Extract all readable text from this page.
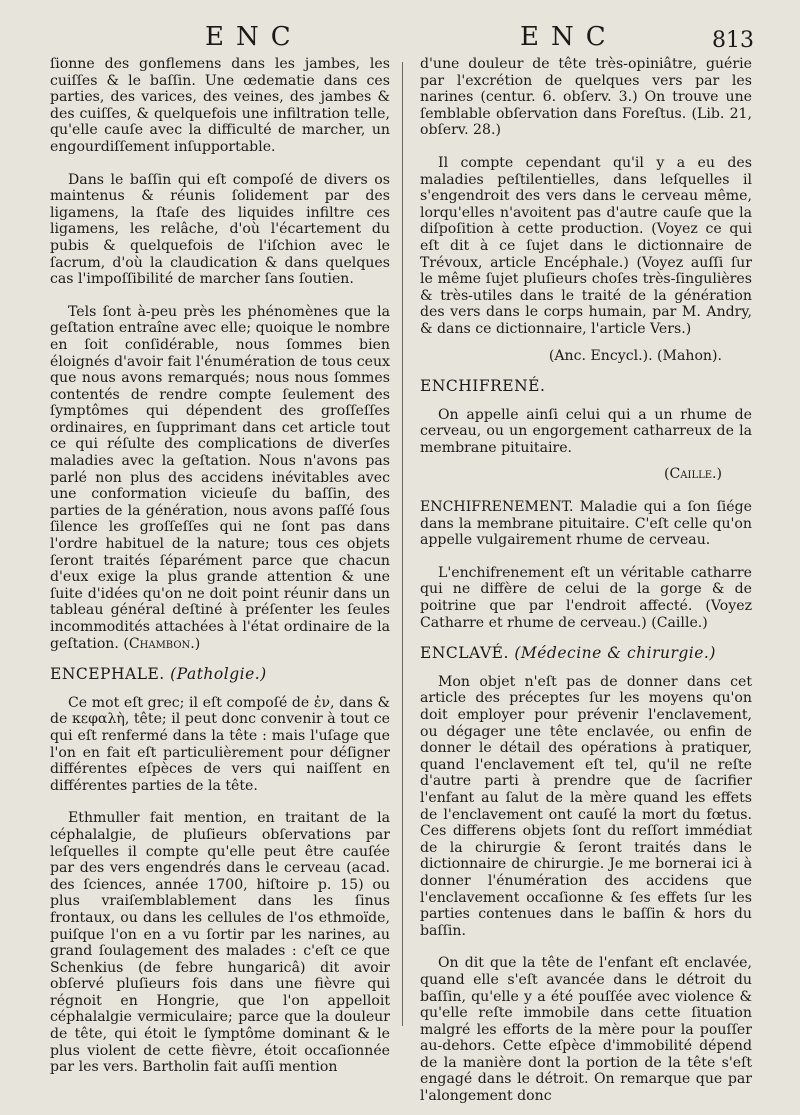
ENC	ENC	813

ſionne des gonflemens dans les jambes, les cuiſſes & le baſſin. Une œdematie dans ces parties, des varices, des veines, des jambes & des cuiſſes, & quelquefois une infiltration telle, qu'elle cauſe avec la difficulté de marcher, un engourdiſſement inſupportable.

Dans le baſſin qui eſt compoſé de divers os maintenus & réunis ſolidement par des ligamens, la ſtaſe des liquides infiltre ces ligamens, les relâche, d'où l'écartement du pubis & quelquefois de l'iſchion avec le ſacrum, d'où la claudication & dans quelques cas l'impoſſibilité de marcher ſans ſoutien.

Tels ſont à-peu près les phénomènes que la geſtation entraîne avec elle; quoique le nombre en ſoit conſidérable, nous ſommes bien éloignés d'avoir fait l'énumération de tous ceux que nous avons remarqués; nous nous ſommes contentés de rendre compte ſeulement des ſymptômes qui dépendent des groſſeſſes ordinaires, en ſupprimant dans cet article tout ce qui réſulte des complications de diverſes maladies avec la geſtation. Nous n'avons pas parlé non plus des accidens inévitables avec une conformation vicieuſe du baſſin, des parties de la génération, nous avons paſſé ſous ſilence les groſſeſſes qui ne ſont pas dans l'ordre habituel de la nature; tous ces objets ſeront traités ſéparément parce que chacun d'eux exige la plus grande attention & une ſuite d'idées qu'on ne doit point réunir dans un tableau général deſtiné à préſenter les ſeules incommodités attachées à l'état ordinaire de la geſtation. (Chambon.)

ENCEPHALE. (Patholgie.)

Ce mot eſt grec; il eſt compoſé de ἐν, dans & de κεφαλὴ, tête; il peut donc convenir à tout ce qui eſt renfermé dans la tête : mais l'uſage que l'on en fait eſt particulièrement pour déſigner différentes eſpèces de vers qui naiſſent en différentes parties de la tête.

Ethmuller fait mention, en traitant de la céphalalgie, de pluſieurs obſervations par leſquelles il compte qu'elle peut être cauſée par des vers engendrés dans le cerveau (acad. des ſciences, année 1700, hiſtoire p. 15) ou plus vraiſemblablement dans les ſinus frontaux, ou dans les cellules de l'os ethmoïde, puiſque l'on en a vu ſortir par les narines, au grand ſoulagement des malades : c'eſt ce que Schenkius (de febre hungaricâ) dit avoir obſervé pluſieurs fois dans une fièvre qui régnoit en Hongrie, que l'on appelloit céphalalgie vermiculaire; parce que la douleur de tête, qui étoit le ſymptôme dominant & le plus violent de cette fièvre, étoit occaſionnée par les vers. Bartholin fait auſſi mention

d'une douleur de tête très-opiniâtre, guérie par l'excrétion de quelques vers par les narines (centur. 6. obſerv. 3.) On trouve une ſemblable obſervation dans Foreſtus. (Lib. 21, obſerv. 28.)

Il compte cependant qu'il y a eu des maladies peſtilentielles, dans leſquelles il s'engendroit des vers dans le cerveau même, lorqu'elles n'avoitent pas d'autre cauſe que la diſpoſition à cette production. (Voyez ce qui eſt dit à ce ſujet dans le dictionnaire de Trévoux, article Encéphale.) (Voyez auſſi ſur le même ſujet pluſieurs choſes très-ſingulières & très-utiles dans le traité de la génération des vers dans le corps humain, par M. Andry, & dans ce dictionnaire, l'article Vers.)

(Anc. Encycl.). (Mahon).

ENCHIFRENÉ.

On appelle ainſi celui qui a un rhume de cerveau, ou un engorgement catharreux de la membrane pituitaire.

(Caille.)

ENCHIFRENEMENT. Maladie qui a ſon ſiége dans la membrane pituitaire. C'eſt celle qu'on appelle vulgairement rhume de cerveau.

L'enchifrenement eſt un véritable catharre qui ne diffère de celui de la gorge & de poitrine que par l'endroit affecté. (Voyez Catharre et rhume de cerveau.) (Caille.)

ENCLAVÉ. (Médecine & chirurgie.)

Mon objet n'eſt pas de donner dans cet article des préceptes ſur les moyens qu'on doit employer pour prévenir l'enclavement, ou dégager une tête enclavée, ou enfin de donner le détail des opérations à pratiquer, quand l'enclavement eſt tel, qu'il ne reſte d'autre parti à prendre que de ſacrifier l'enfant au ſalut de la mère quand les effets de l'enclavement ont cauſé la mort du fœtus. Ces differens objets ſont du reſſort immédiat de la chirurgie & ſeront traités dans le dictionnaire de chirurgie. Je me bornerai ici à donner l'énumération des accidens que l'enclavement occaſionne & ſes effets ſur les parties contenues dans le baſſin & hors du baſſin.

On dit que la tête de l'enfant eſt enclavée, quand elle s'eſt avancée dans le détroit du baſſin, qu'elle y a été pouſſée avec violence & qu'elle reſte immobile dans cette ſituation malgré les efforts de la mère pour la pouſſer au-dehors. Cette eſpèce d'immobilité dépend de la manière dont la portion de la tête s'eſt engagé dans le détroit. On remarque que par l'alongement donc
